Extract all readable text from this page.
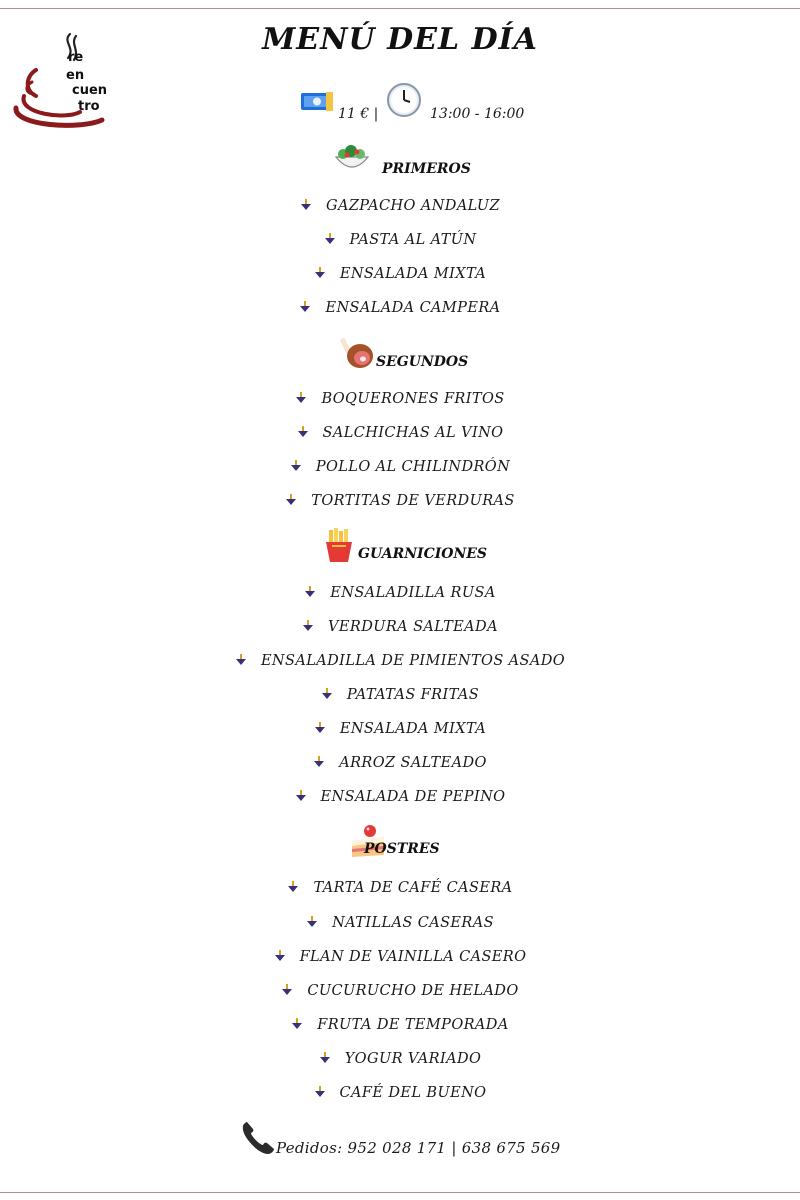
re
en
cuen
tro
MENÚ DEL DÍA
11 € |	13:00 - 16:00
PRIMEROS
GAZPACHO ANDALUZ
PASTA AL ATÚN
ENSALADA MIXTA
ENSALADA CAMPERA
SEGUNDOS
BOQUERONES FRITOS
SALCHICHAS AL VINO
POLLO AL CHILINDRÓN
TORTITAS DE VERDURAS
GUARNICIONES
ENSALADILLA RUSA
VERDURA SALTEADA
ENSALADILLA DE PIMIENTOS ASADO
PATATAS FRITAS
ENSALADA MIXTA
ARROZ SALTEADO
ENSALADA DE PEPINO
POSTRES
TARTA DE CAFÉ CASERA
NATILLAS CASERAS
FLAN DE VAINILLA CASERO
CUCURUCHO DE HELADO
FRUTA DE TEMPORADA
YOGUR VARIADO
CAFÉ DEL BUENO
Pedidos: 952 028 171 | 638 675 569
